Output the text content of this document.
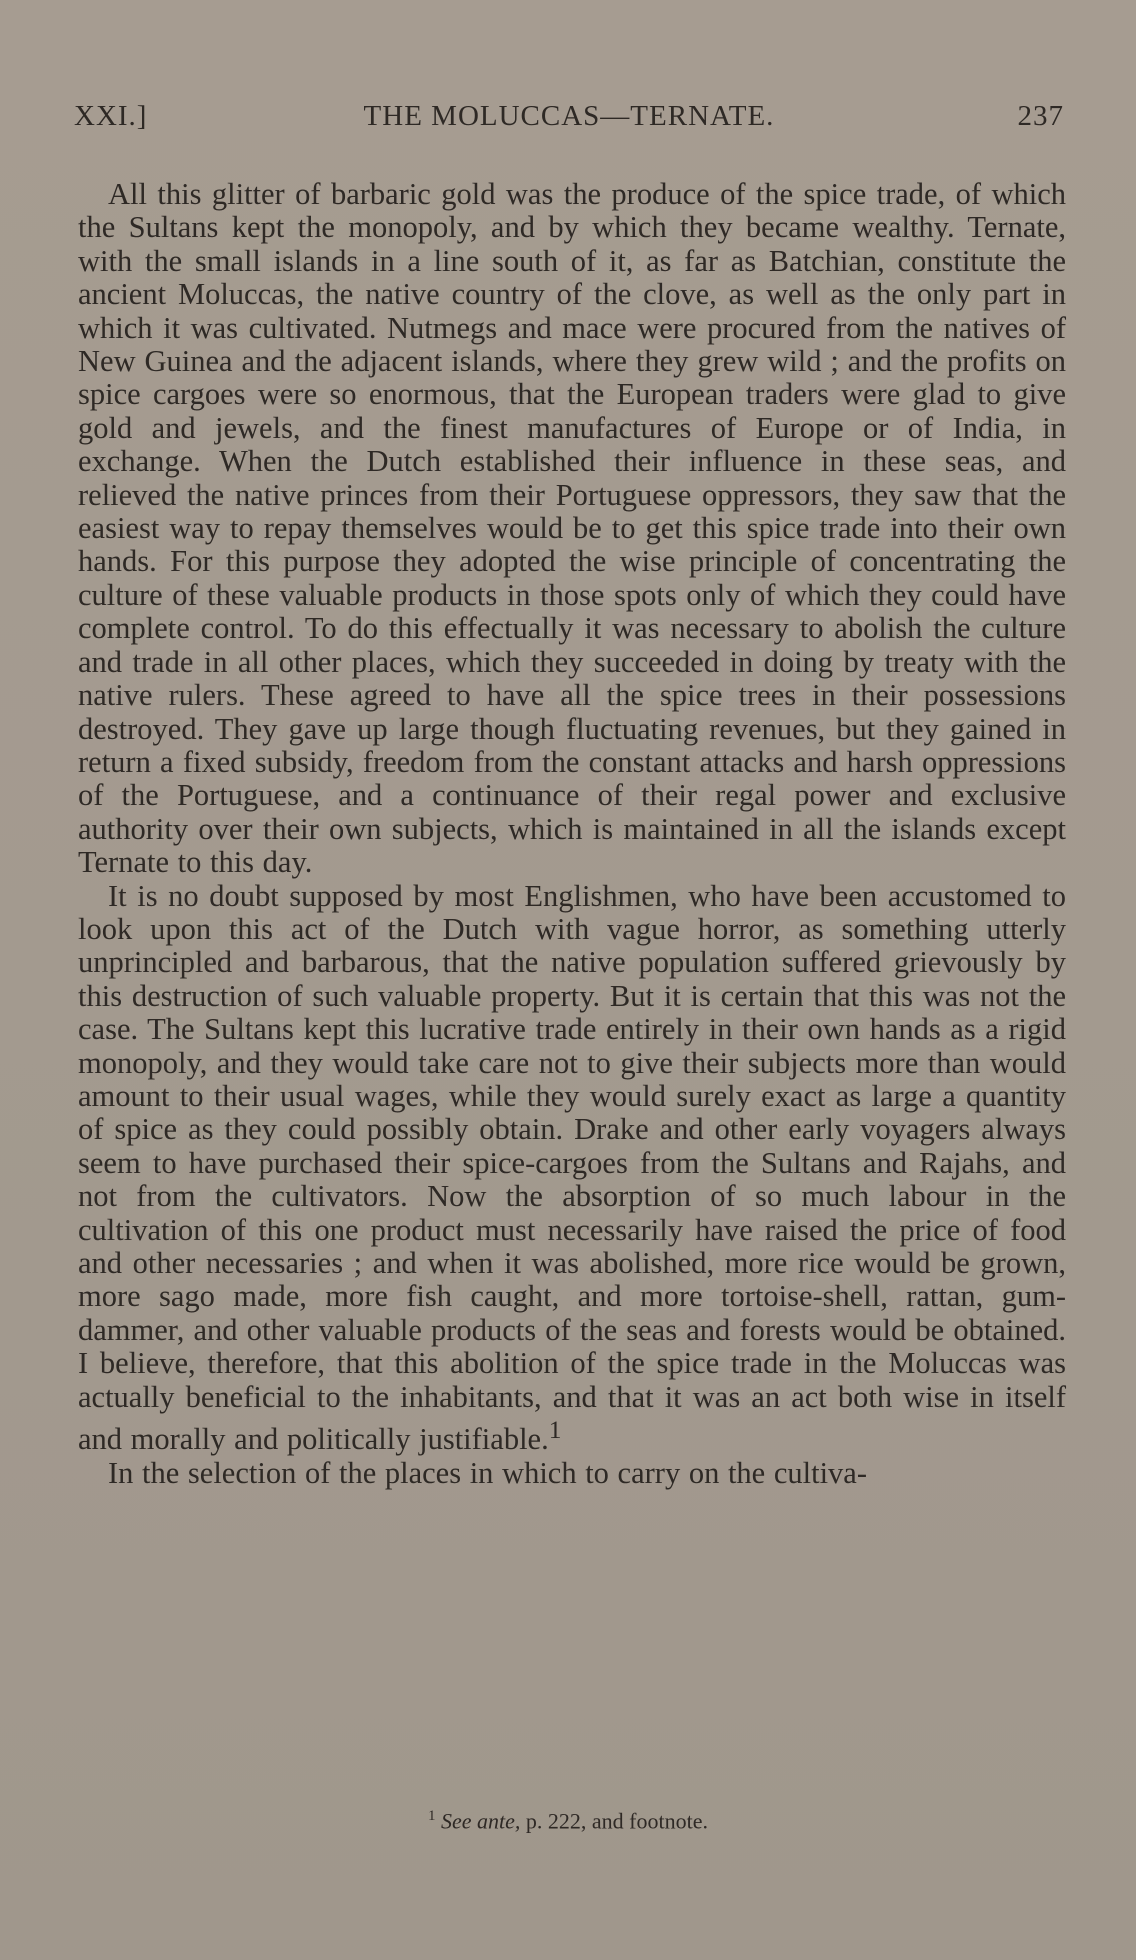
XXI.]	THE MOLUCCAS—TERNATE.	237

All this glitter of barbaric gold was the produce of the spice trade, of which the Sultans kept the monopoly, and by which they became wealthy. Ternate, with the small islands in a line south of it, as far as Batchian, constitute the ancient Moluccas, the native country of the clove, as well as the only part in which it was cultivated. Nutmegs and mace were procured from the natives of New Guinea and the adjacent islands, where they grew wild ; and the profits on spice cargoes were so enormous, that the European traders were glad to give gold and jewels, and the finest manufactures of Europe or of India, in exchange. When the Dutch established their influence in these seas, and relieved the native princes from their Portuguese oppressors, they saw that the easiest way to repay themselves would be to get this spice trade into their own hands. For this purpose they adopted the wise principle of concentrating the culture of these valuable products in those spots only of which they could have complete control. To do this effectually it was necessary to abolish the culture and trade in all other places, which they succeeded in doing by treaty with the native rulers. These agreed to have all the spice trees in their possessions destroyed. They gave up large though fluctuating revenues, but they gained in return a fixed subsidy, freedom from the constant attacks and harsh oppressions of the Portuguese, and a continuance of their regal power and exclusive authority over their own subjects, which is maintained in all the islands except Ternate to this day.

It is no doubt supposed by most Englishmen, who have been accustomed to look upon this act of the Dutch with vague horror, as something utterly unprincipled and barbarous, that the native population suffered grievously by this destruction of such valuable property. But it is certain that this was not the case. The Sultans kept this lucrative trade entirely in their own hands as a rigid monopoly, and they would take care not to give their subjects more than would amount to their usual wages, while they would surely exact as large a quantity of spice as they could possibly obtain. Drake and other early voyagers always seem to have purchased their spice-cargoes from the Sultans and Rajahs, and not from the cultivators. Now the absorption of so much labour in the cultivation of this one product must necessarily have raised the price of food and other necessaries ; and when it was abolished, more rice would be grown, more sago made, more fish caught, and more tortoise-shell, rattan, gum-dammer, and other valuable products of the seas and forests would be obtained. I believe, therefore, that this abolition of the spice trade in the Moluccas was actually beneficial to the inhabitants, and that it was an act both wise in itself and morally and politically justifiable.$^1$

In the selection of the places in which to carry on the cultiva-

$^1$ See ante, p. 222, and footnote.
